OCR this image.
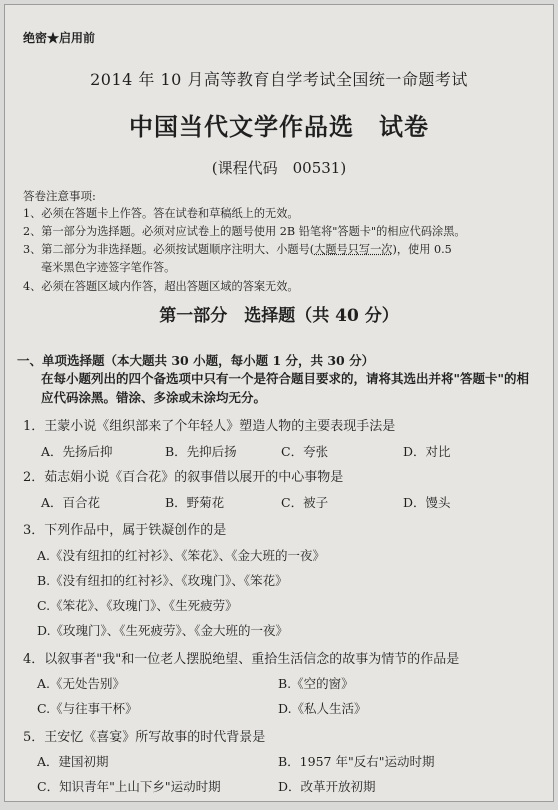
绝密★启用前
2014 年 10 月高等教育自学考试全国统一命题考试
中国当代文学作品选　试卷
(课程代码　00531)
答卷注意事项:
1、必须在答题卡上作答。答在试卷和草稿纸上的无效。
2、第一部分为选择题。必须对应试卷上的题号使用 2B 铅笔将"答题卡"的相应代码涂黑。
3、第二部分为非选择题。必须按试题顺序注明大、小题号(大题号只写一次)，使用 0.5
毫米黑色字迹签字笔作答。
4、必须在答题区域内作答，超出答题区域的答案无效。
第一部分　选择题（共 40 分）
一、单项选择题（本大题共 30 小题，每小题 1 分，共 30 分）
在每小题列出的四个备选项中只有一个是符合题目要求的，请将其选出并将"答题卡"的相应代码涂黑。错涂、多涂或未涂均无分。
1．王蒙小说《组织部来了个年轻人》塑造人物的主要表现手法是
A．先扬后抑	B．先抑后扬	C．夸张	D．对比
2．茹志娟小说《百合花》的叙事借以展开的中心事物是
A．百合花	B．野菊花	C．被子	D．馒头
3．下列作品中，属于铁凝创作的是
A.《没有纽扣的红衬衫》、《笨花》、《金大班的一夜》
B.《没有纽扣的红衬衫》、《玫瑰门》、《笨花》
C.《笨花》、《玫瑰门》、《生死疲劳》
D.《玫瑰门》、《生死疲劳》、《金大班的一夜》
4．以叙事者"我"和一位老人摆脱绝望、重拾生活信念的故事为情节的作品是
A.《无处告别》	B.《空的窗》
C.《与往事干杯》	D.《私人生活》
5．王安忆《喜宴》所写故事的时代背景是
A．建国初期	B．1957 年"反右"运动时期
C．知识青年"上山下乡"运动时期	D．改革开放初期
